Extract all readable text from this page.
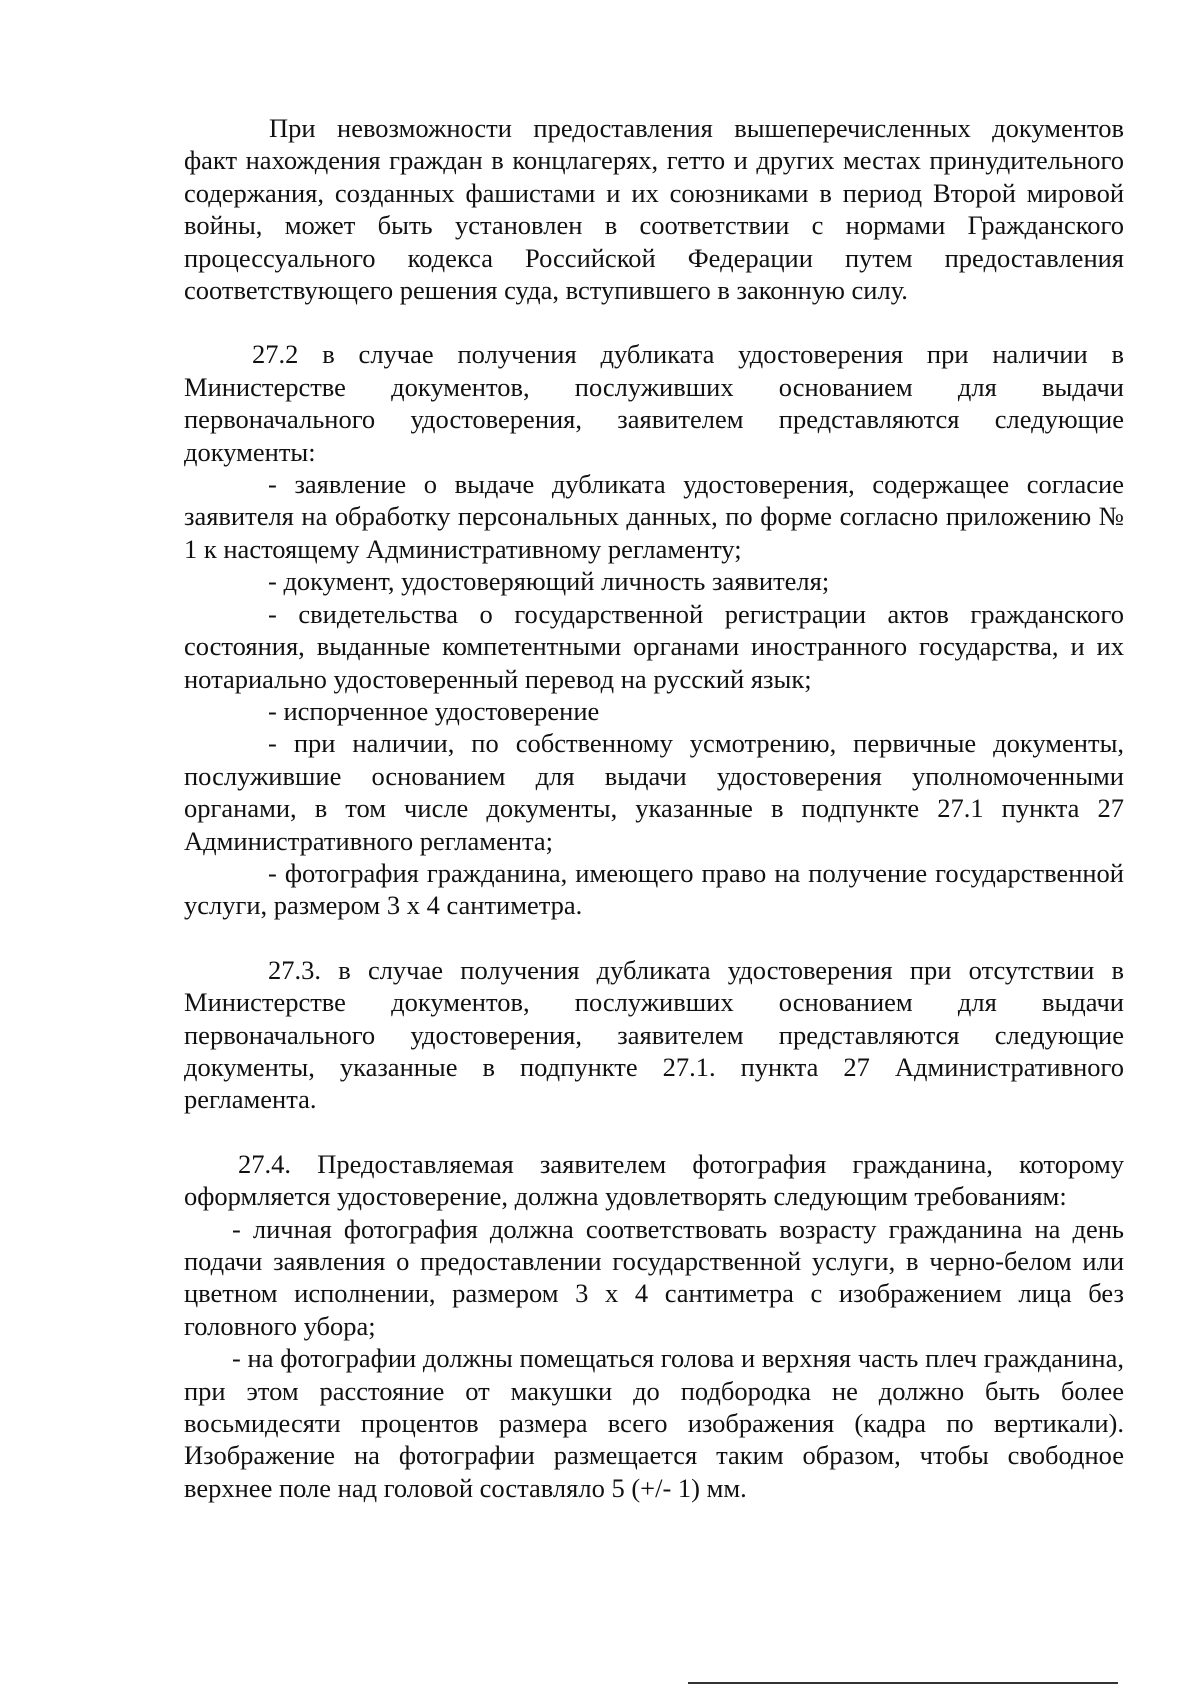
При невозможности предоставления вышеперечисленных документов факт нахождения граждан в концлагерях, гетто и других местах принудительного содержания, созданных фашистами и их союзниками в период Второй мировой войны, может быть установлен в соответствии с нормами Гражданского процессуального кодекса Российской Федерации путем предоставления соответствующего решения суда, вступившего в законную силу.

27.2 в случае получения дубликата удостоверения при наличии в Министерстве документов, послуживших основанием для выдачи первоначального удостоверения, заявителем представляются следующие документы:

- заявление о выдаче дубликата удостоверения, содержащее согласие заявителя на обработку персональных данных, по форме согласно приложению № 1 к настоящему Административному регламенту;

- документ, удостоверяющий личность заявителя;

- свидетельства о государственной регистрации актов гражданского состояния, выданные компетентными органами иностранного государства, и их нотариально удостоверенный перевод на русский язык;

- испорченное удостоверение

- при наличии, по собственному усмотрению, первичные документы, послужившие основанием для выдачи удостоверения уполномоченными органами, в том числе документы, указанные в подпункте 27.1 пункта 27 Административного регламента;

- фотография гражданина, имеющего право на получение государственной услуги, размером 3 х 4 сантиметра.

27.3. в случае получения дубликата удостоверения при отсутствии в Министерстве документов, послуживших основанием для выдачи первоначального удостоверения, заявителем представляются следующие документы, указанные в подпункте 27.1. пункта 27 Административного регламента.

27.4. Предоставляемая заявителем фотография гражданина, которому оформляется удостоверение, должна удовлетворять следующим требованиям:

- личная фотография должна соответствовать возрасту гражданина на день подачи заявления о предоставлении государственной услуги, в черно-белом или цветном исполнении, размером 3 х 4 сантиметра с изображением лица без головного убора;

- на фотографии должны помещаться голова и верхняя часть плеч гражданина, при этом расстояние от макушки до подбородка не должно быть более восьмидесяти процентов размера всего изображения (кадра по вертикали). Изображение на фотографии размещается таким образом, чтобы свободное верхнее поле над головой составляло 5 (+/- 1) мм.
